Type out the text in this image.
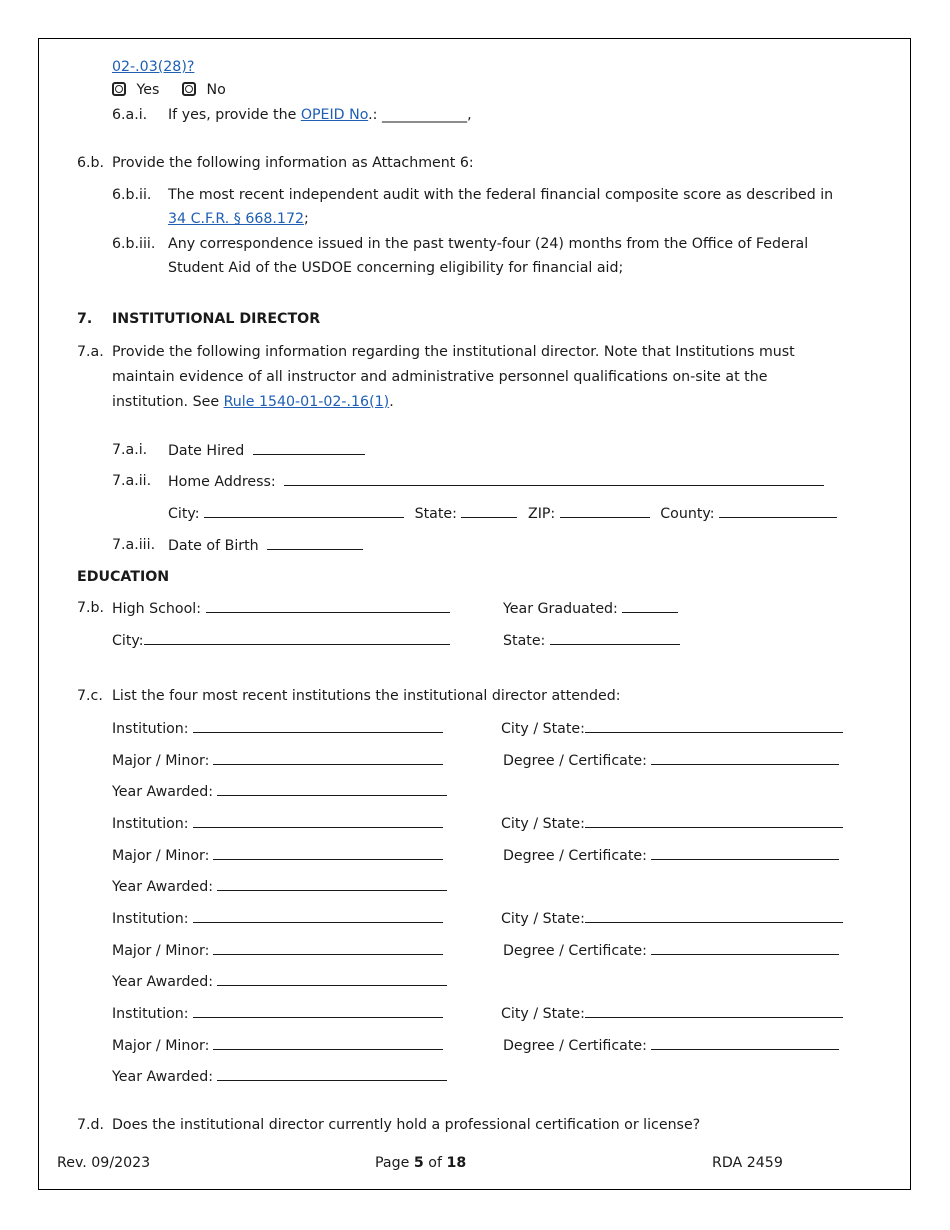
02-.03(28)?
Yes	No
6.a.i. If yes, provide the OPEID No.: ____________,
6.b. Provide the following information as Attachment 6:
6.b.ii. The most recent independent audit with the federal financial composite score as described in
34 C.F.R. § 668.172;
6.b.iii. Any correspondence issued in the past twenty-four (24) months from the Office of Federal
Student Aid of the USDOE concerning eligibility for financial aid;
7. INSTITUTIONAL DIRECTOR
7.a. Provide the following information regarding the institutional director. Note that Institutions must
maintain evidence of all instructor and administrative personnel qualifications on-site at the
institution. See Rule 1540-01-02-.16(1).
7.a.i. Date Hired
7.a.ii. Home Address:
City:	State:	ZIP:	County:
7.a.iii. Date of Birth
EDUCATION
7.b. High School:	Year Graduated:
City:	State:
7.c. List the four most recent institutions the institutional director attended:
Institution:	City / State:
Major / Minor:	Degree / Certificate:
Year Awarded:
Institution:	City / State:
Major / Minor:	Degree / Certificate:
Year Awarded:
Institution:	City / State:
Major / Minor:	Degree / Certificate:
Year Awarded:
Institution:	City / State:
Major / Minor:	Degree / Certificate:
Year Awarded:
7.d. Does the institutional director currently hold a professional certification or license?
Rev. 09/2023	Page 5 of 18	RDA 2459
